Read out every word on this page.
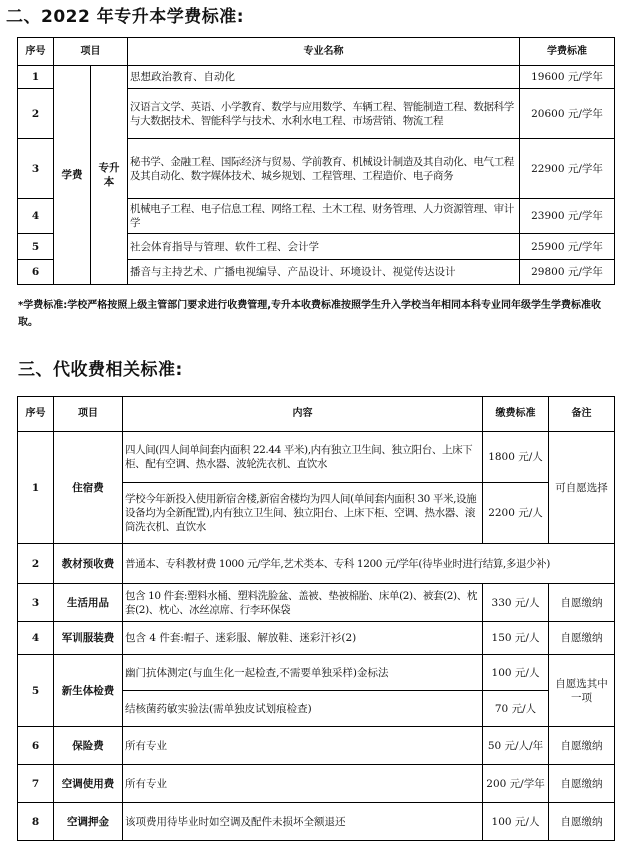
二、2022 年专升本学费标准:
序号	项目		专业名称	学费标准
1	学费	专升本	思想政治教育、自动化	19600 元/学年
2			汉语言文学、英语、小学教育、数学与应用数学、车辆工程、智能制造工程、数据科学与大数据技术、智能科学与技术、水利水电工程、市场营销、物流工程	20600 元/学年
3			秘书学、金融工程、国际经济与贸易、学前教育、机械设计制造及其自动化、电气工程及其自动化、数字媒体技术、城乡规划、工程管理、工程造价、电子商务	22900 元/学年
4			机械电子工程、电子信息工程、网络工程、土木工程、财务管理、人力资源管理、审计学	23900 元/学年
5			社会体育指导与管理、软件工程、会计学	25900 元/学年
6			播音与主持艺术、广播电视编导、产品设计、环境设计、视觉传达设计	29800 元/学年
*学费标准:学校严格按照上级主管部门要求进行收费管理,专升本收费标准按照学生升入学校当年相同本科专业同年级学生学费标准收取。
三、代收费相关标准:
序号	项目	内容	缴费标准	备注
1	住宿费	四人间(四人间单间套内面积 22.44 平米),内有独立卫生间、独立阳台、上床下柜、配有空调、热水器、波轮洗衣机、直饮水	1800 元/人	可自愿选择
		学校今年新投入使用新宿舍楼,新宿舍楼均为四人间(单间套内面积 30 平米,设施设备均为全新配置),内有独立卫生间、独立阳台、上床下柜、空调、热水器、滚筒洗衣机、直饮水	2200 元/人	
2	教材预收费	普通本、专科教材费 1000 元/学年,艺术类本、专科 1200 元/学年(待毕业时进行结算,多退少补)		
3	生活用品	包含 10 件套:塑料水桶、塑料洗脸盆、盖被、垫被棉胎、床单(2)、被套(2)、枕套(2)、枕心、冰丝凉席、行李环保袋	330 元/人	自愿缴纳
4	军训服装费	包含 4 件套:帽子、迷彩服、解放鞋、迷彩汗衫(2)	150 元/人	自愿缴纳
5	新生体检费	幽门抗体测定(与血生化一起检查,不需要单独采样)金标法	100 元/人	自愿选其中一项
		结核菌药敏实验法(需单独皮试划痕检查)	70 元/人	
6	保险费	所有专业	50 元/人/年	自愿缴纳
7	空调使用费	所有专业	200 元/学年	自愿缴纳
8	空调押金	该项费用待毕业时如空调及配件未损坏全额退还	100 元/人	自愿缴纳
